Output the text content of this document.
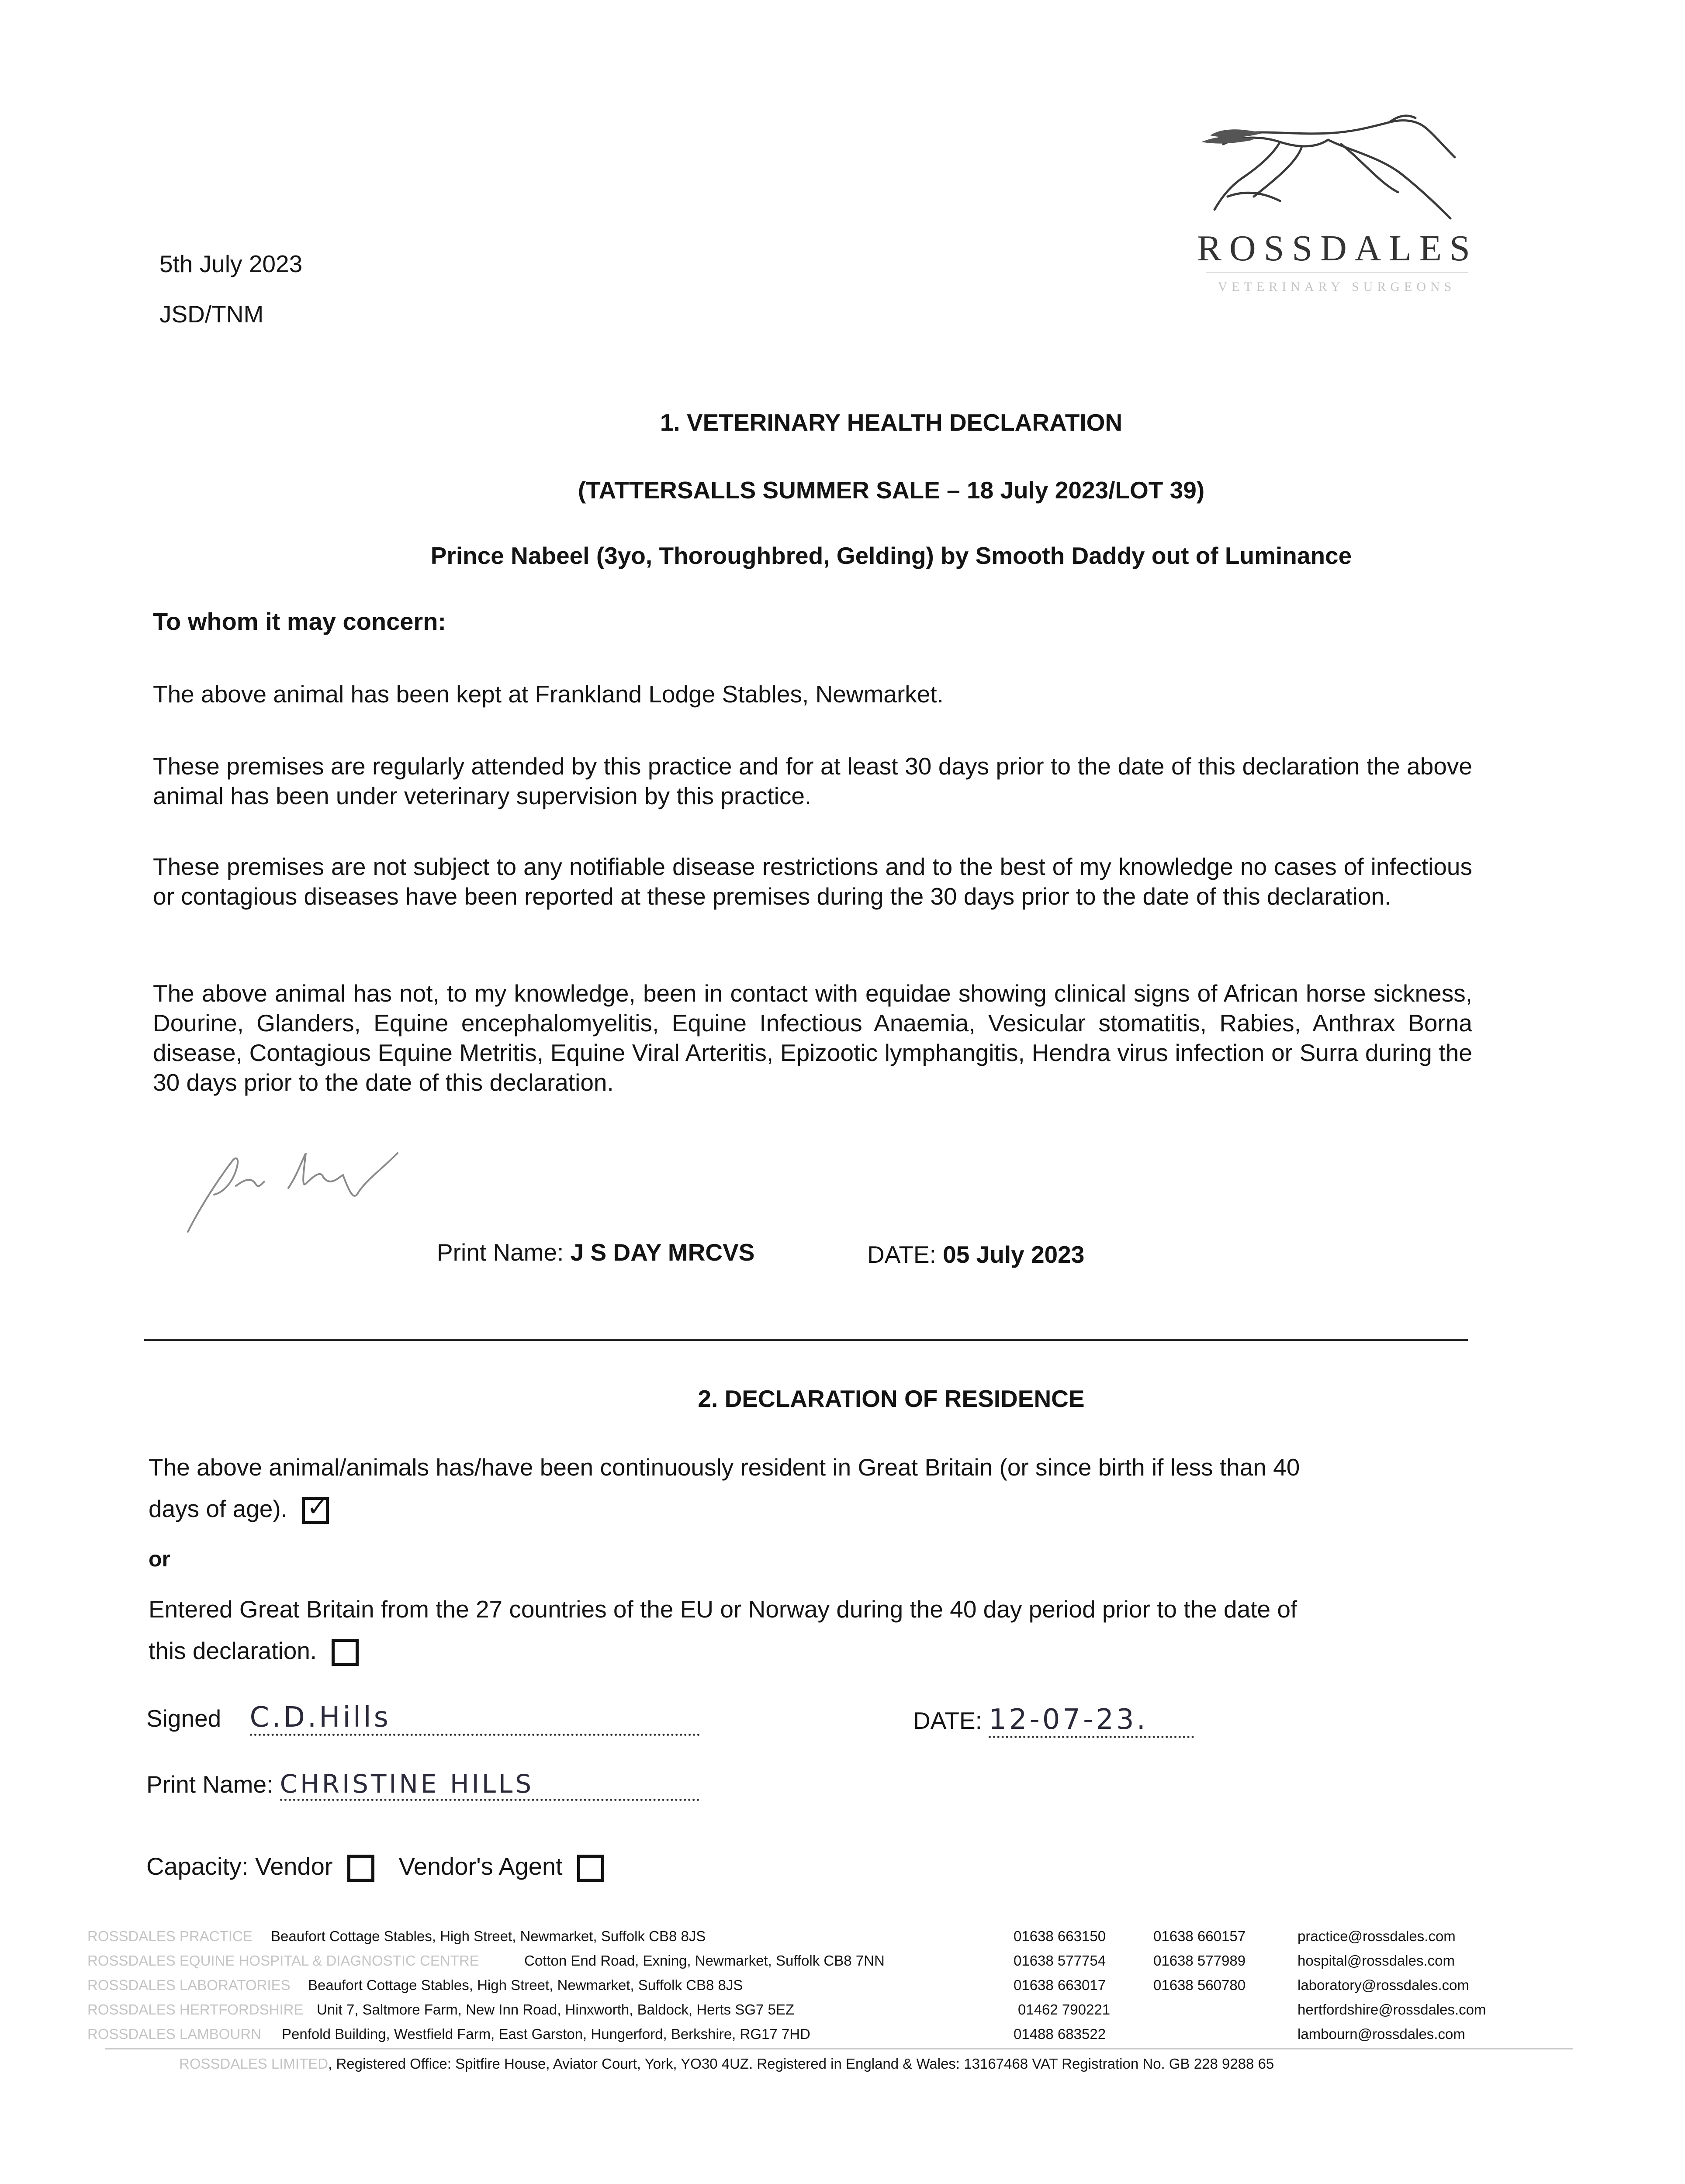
5th July 2023
JSD/TNM
ROSSDALES
VETERINARY SURGEONS
1. VETERINARY HEALTH DECLARATION
(TATTERSALLS SUMMER SALE – 18 July 2023/LOT 39)
Prince Nabeel (3yo, Thoroughbred, Gelding) by Smooth Daddy out of Luminance
To whom it may concern:
The above animal has been kept at Frankland Lodge Stables, Newmarket.
These premises are regularly attended by this practice and for at least 30 days prior to the date of this declaration the above animal has been under veterinary supervision by this practice.
These premises are not subject to any notifiable disease restrictions and to the best of my knowledge no cases of infectious or contagious diseases have been reported at these premises during the 30 days prior to the date of this declaration.
The above animal has not, to my knowledge, been in contact with equidae showing clinical signs of African horse sickness, Dourine, Glanders, Equine encephalomyelitis, Equine Infectious Anaemia, Vesicular stomatitis, Rabies, Anthrax Borna disease, Contagious Equine Metritis, Equine Viral Arteritis, Epizootic lymphangitis, Hendra virus infection or Surra during the 30 days prior to the date of this declaration.
Print Name: J S DAY MRCVS	DATE: 05 July 2023
2. DECLARATION OF RESIDENCE
The above animal/animals has/have been continuously resident in Great Britain (or since birth if less than 40
days of age). ✓
or
Entered Great Britain from the 27 countries of the EU or Norway during the 40 day period prior to the date of
this declaration.
Signed C.D.Hills	DATE: 12-07-23.
Print Name: CHRISTINE HILLS
Capacity: Vendor	Vendor's Agent
ROSSDALES PRACTICE Beaufort Cottage Stables, High Street, Newmarket, Suffolk CB8 8JS	01638 663150	01638 660157	practice@rossdales.com
ROSSDALES EQUINE HOSPITAL & DIAGNOSTIC CENTRE	Cotton End Road, Exning, Newmarket, Suffolk CB8 7NN	01638 577754	01638 577989	hospital@rossdales.com
ROSSDALES LABORATORIES Beaufort Cottage Stables, High Street, Newmarket, Suffolk CB8 8JS	01638 663017	01638 560780	laboratory@rossdales.com
ROSSDALES HERTFORDSHIRE Unit 7, Saltmore Farm, New Inn Road, Hinxworth, Baldock, Herts SG7 5EZ	01462 790221	hertfordshire@rossdales.com
ROSSDALES LAMBOURN Penfold Building, Westfield Farm, East Garston, Hungerford, Berkshire, RG17 7HD	01488 683522	lambourn@rossdales.com
ROSSDALES LIMITED, Registered Office: Spitfire House, Aviator Court, York, YO30 4UZ. Registered in England & Wales: 13167468 VAT Registration No. GB 228 9288 65
